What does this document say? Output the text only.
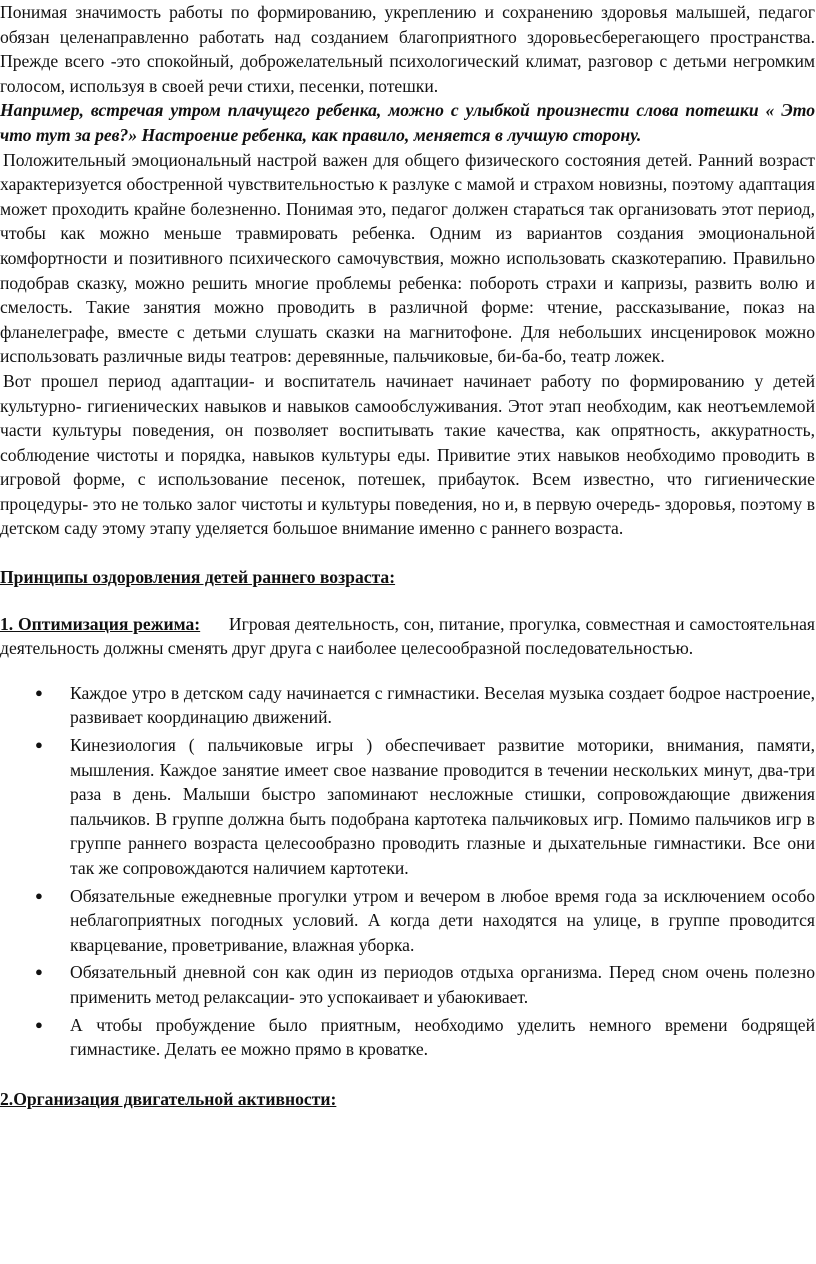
Понимая значимость работы по формированию, укреплению и сохранению здоровья малышей, педагог обязан целенаправленно работать над созданием благоприятного здоровьесберегающего пространства. Прежде всего -это спокойный, доброжелательный психологический климат, разговор с детьми негромким голосом, используя в своей речи стихи, песенки, потешки.

Например, встречая утром плачущего ребенка, можно с улыбкой произнести слова потешки « Это что тут за рев?» Настроение ребенка, как правило, меняется в лучшую сторону.

Положительный эмоциональный настрой важен для общего физического состояния детей. Ранний возраст характеризуется обостренной чувствительностью к разлуке с мамой и страхом новизны, поэтому адаптация может проходить крайне болезненно. Понимая это, педагог должен стараться так организовать этот период, чтобы как можно меньше травмировать ребенка. Одним из вариантов создания эмоциональной комфортности и позитивного психического самочувствия, можно использовать сказкотерапию. Правильно подобрав сказку, можно решить многие проблемы ребенка: побороть страхи и капризы, развить волю и смелость. Такие занятия можно проводить в различной форме: чтение, рассказывание, показ на фланелеграфе, вместе с детьми слушать сказки на магнитофоне. Для небольших инсценировок можно использовать различные виды театров: деревянные, пальчиковые, би-ба-бо, театр ложек.

Вот прошел период адаптации- и воспитатель начинает начинает работу по формированию у детей культурно- гигиенических навыков и навыков самообслуживания. Этот этап необходим, как неотъемлемой части культуры поведения, он позволяет воспитывать такие качества, как опрятность, аккуратность, соблюдение чистоты и порядка, навыков культуры еды. Привитие этих навыков необходимо проводить в игровой форме, с использование песенок, потешек, прибауток. Всем известно, что гигиенические процедуры- это не только залог чистоты и культуры поведения, но и, в первую очередь- здоровья, поэтому в детском саду этому этапу уделяется большое внимание именно с раннего возраста.

Принципы оздоровления детей раннего возраста:

1. Оптимизация режима: Игровая деятельность, сон, питание, прогулка, совместная и самостоятельная деятельность должны сменять друг друга с наиболее целесообразной последовательностью.

● Каждое утро в детском саду начинается с гимнастики. Веселая музыка создает бодрое настроение, развивает координацию движений.
● Кинезиология ( пальчиковые игры ) обеспечивает развитие моторики, внимания, памяти, мышления. Каждое занятие имеет свое название проводится в течении нескольких минут, два-три раза в день. Малыши быстро запоминают несложные стишки, сопровождающие движения пальчиков. В группе должна быть подобрана картотека пальчиковых игр. Помимо пальчиков игр в группе раннего возраста целесообразно проводить глазные и дыхательные гимнастики. Все они так же сопровождаются наличием картотеки.
● Обязательные ежедневные прогулки утром и вечером в любое время года за исключением особо неблагоприятных погодных условий. А когда дети находятся на улице, в группе проводится кварцевание, проветривание, влажная уборка.
● Обязательный дневной сон как один из периодов отдыха организма. Перед сном очень полезно применить метод релаксации- это успокаивает и убаюкивает.
● А чтобы пробуждение было приятным, необходимо уделить немного времени бодрящей гимнастике. Делать ее можно прямо в кроватке.

2.Организация двигательной активности:
